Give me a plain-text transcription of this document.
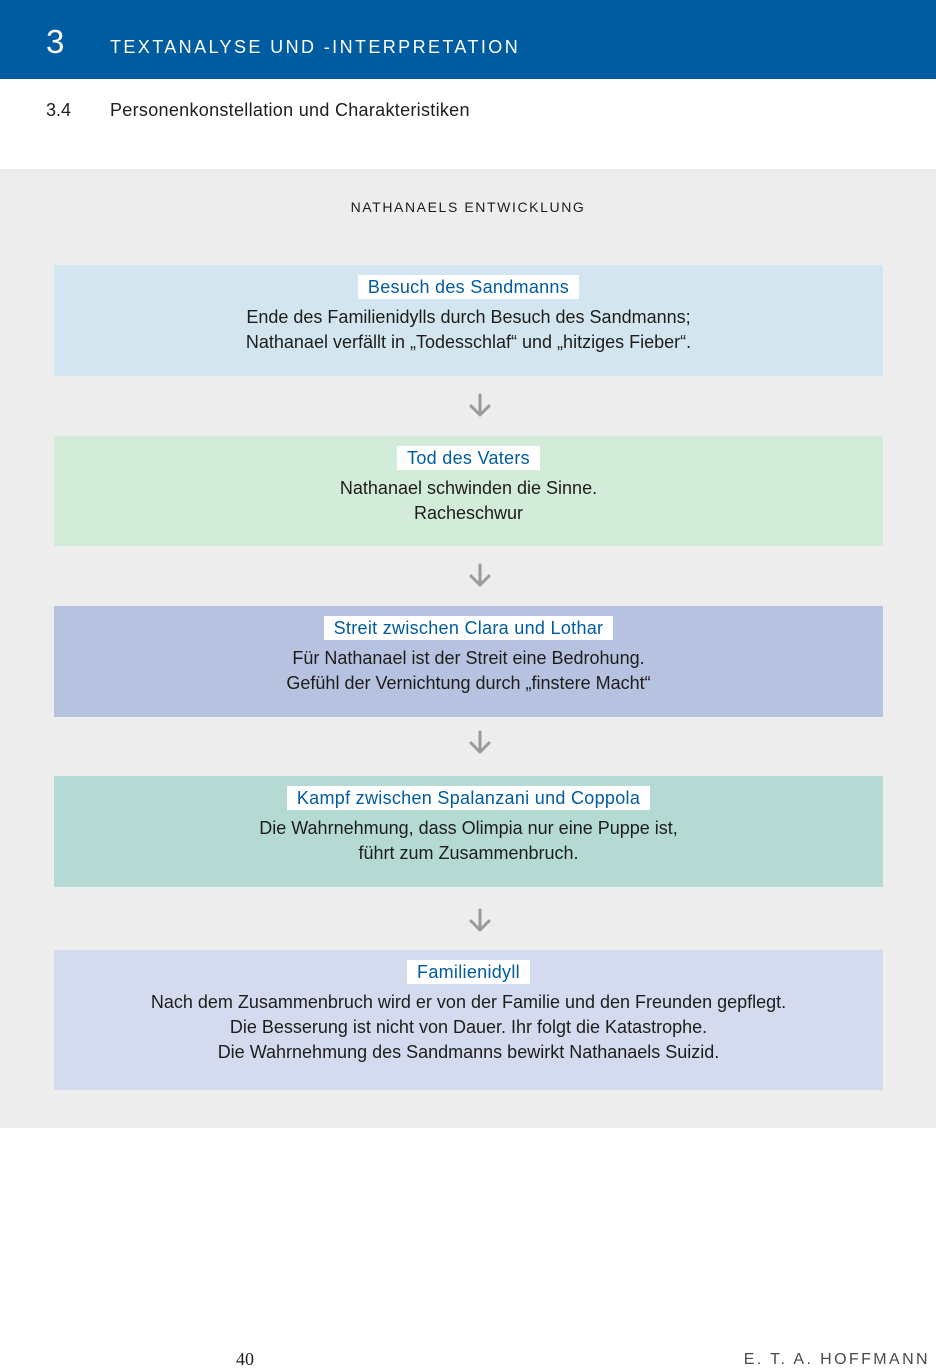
3	TEXTANALYSE UND -INTERPRETATION
3.4 Personenkonstellation und Charakteristiken
NATHANAELS ENTWICKLUNG
Besuch des Sandmanns
Ende des Familienidylls durch Besuch des Sandmanns;
Nathanael verfällt in „Todesschlaf“ und „hitziges Fieber“.
Tod des Vaters
Nathanael schwinden die Sinne.
Racheschwur
Streit zwischen Clara und Lothar
Für Nathanael ist der Streit eine Bedrohung.
Gefühl der Vernichtung durch „finstere Macht“
Kampf zwischen Spalanzani und Coppola
Die Wahrnehmung, dass Olimpia nur eine Puppe ist,
führt zum Zusammenbruch.
Familienidyll
Nach dem Zusammenbruch wird er von der Familie und den Freunden gepflegt.
Die Besserung ist nicht von Dauer. Ihr folgt die Katastrophe.
Die Wahrnehmung des Sandmanns bewirkt Nathanaels Suizid.
40	E. T. A. HOFFMANN
